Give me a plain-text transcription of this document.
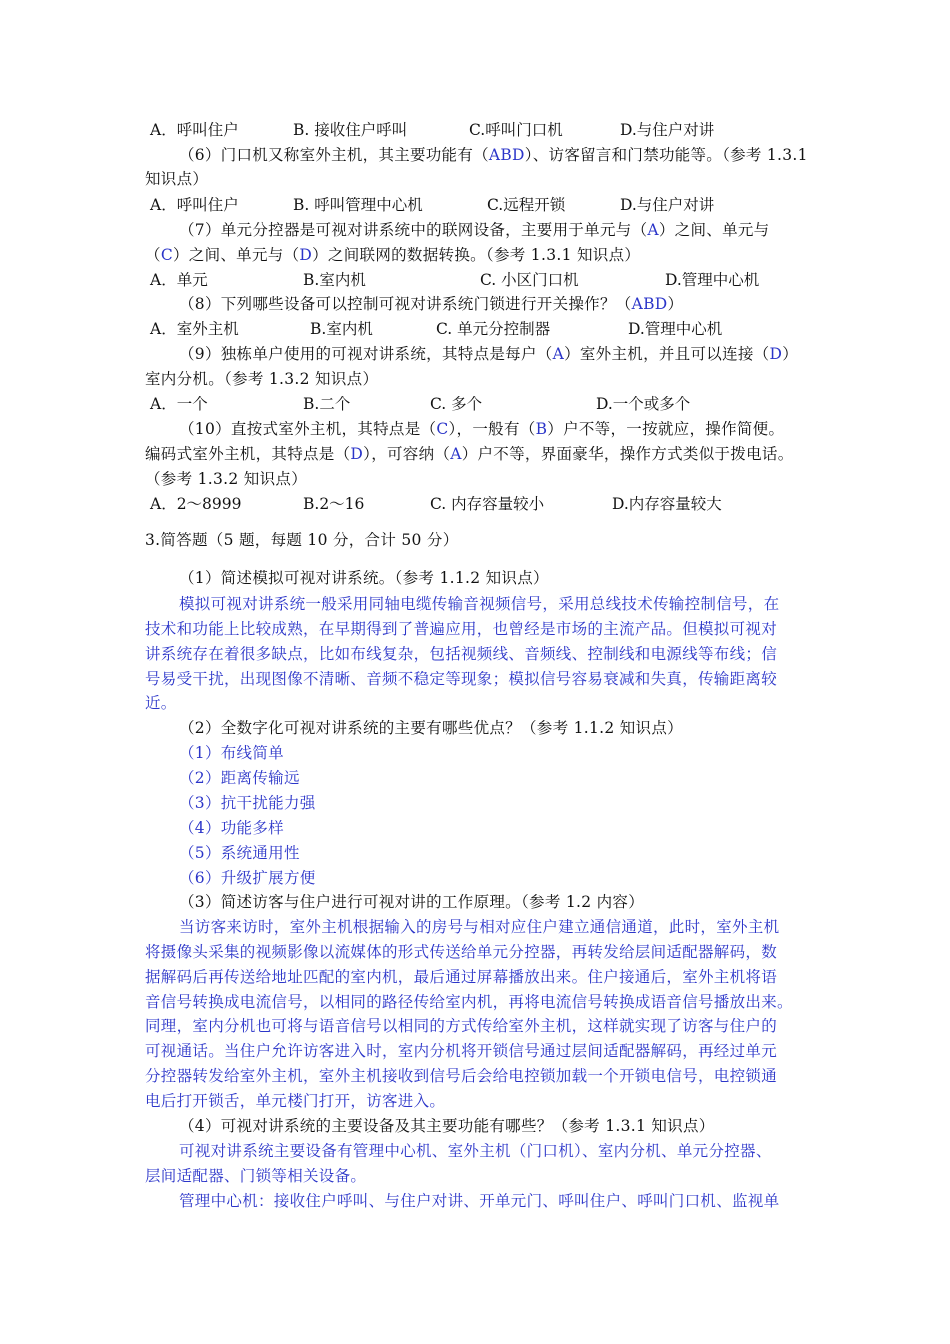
A．呼叫住户	B. 接收住户呼叫	C.呼叫门口机	D.与住户对讲
（6）门口机又称室外主机，其主要功能有（ABD）、访客留言和门禁功能等。（参考 1.3.1
知识点）
A．呼叫住户	B. 呼叫管理中心机	C.远程开锁	D.与住户对讲
（7）单元分控器是可视对讲系统中的联网设备，主要用于单元与（A）之间、单元与
（C）之间、单元与（D）之间联网的数据转换。（参考 1.3.1 知识点）
A．单元	B.室内机	C. 小区门口机	D.管理中心机
（8）下列哪些设备可以控制可视对讲系统门锁进行开关操作？（ABD）
A．室外主机	B.室内机	C. 单元分控制器	D.管理中心机
（9）独栋单户使用的可视对讲系统，其特点是每户（A）室外主机，并且可以连接（D）
室内分机。（参考 1.3.2 知识点）
A．一个	B.二个	C. 多个	D.一个或多个
（10）直按式室外主机，其特点是（C），一般有（B）户不等，一按就应，操作简便。
编码式室外主机，其特点是（D），可容纳（A）户不等，界面豪华，操作方式类似于拨电话。
（参考 1.3.2 知识点）
A．2～8999	B.2～16	C. 内存容量较小	D.内存容量较大
3.简答题（5 题，每题 10 分，合计 50 分）
（1）简述模拟可视对讲系统。（参考 1.1.2 知识点）
模拟可视对讲系统一般采用同轴电缆传输音视频信号，采用总线技术传输控制信号，在
技术和功能上比较成熟，在早期得到了普遍应用，也曾经是市场的主流产品。但模拟可视对
讲系统存在着很多缺点，比如布线复杂，包括视频线、音频线、控制线和电源线等布线；信
号易受干扰，出现图像不清晰、音频不稳定等现象；模拟信号容易衰减和失真，传输距离较
近。
（2）全数字化可视对讲系统的主要有哪些优点？（参考 1.1.2 知识点）
（1）布线简单
（2）距离传输远
（3）抗干扰能力强
（4）功能多样
（5）系统通用性
（6）升级扩展方便
（3）简述访客与住户进行可视对讲的工作原理。（参考 1.2 内容）
当访客来访时，室外主机根据输入的房号与相对应住户建立通信通道，此时，室外主机
将摄像头采集的视频影像以流媒体的形式传送给单元分控器，再转发给层间适配器解码，数
据解码后再传送给地址匹配的室内机，最后通过屏幕播放出来。住户接通后，室外主机将语
音信号转换成电流信号，以相同的路径传给室内机，再将电流信号转换成语音信号播放出来。
同理，室内分机也可将与语音信号以相同的方式传给室外主机，这样就实现了访客与住户的
可视通话。当住户允许访客进入时，室内分机将开锁信号通过层间适配器解码，再经过单元
分控器转发给室外主机，室外主机接收到信号后会给电控锁加载一个开锁电信号，电控锁通
电后打开锁舌，单元楼门打开，访客进入。
（4）可视对讲系统的主要设备及其主要功能有哪些？（参考 1.3.1 知识点）
可视对讲系统主要设备有管理中心机、室外主机（门口机）、室内分机、单元分控器、
层间适配器、门锁等相关设备。
管理中心机：接收住户呼叫、与住户对讲、开单元门、呼叫住户、呼叫门口机、监视单
